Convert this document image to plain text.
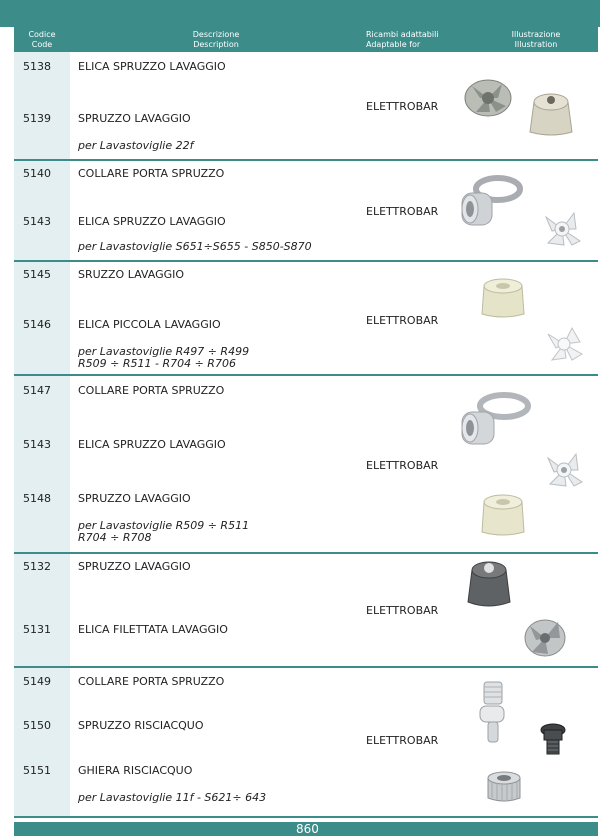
Codice
Code
Descrizione
Description
Ricambi adattabili
Adaptable for
Illustrazione
Illustration
5138 ELICA SPRUZZO LAVAGGIO
5139 SPRUZZO LAVAGGIO
per Lavastoviglie 22f
ELETTROBAR
5140 COLLARE PORTA SPRUZZO
5143 ELICA SPRUZZO LAVAGGIO
per Lavastoviglie S651÷S655 - S850-S870
ELETTROBAR
5145 SRUZZO LAVAGGIO
5146 ELICA PICCOLA LAVAGGIO
per Lavastoviglie R497 ÷ R499
R509 ÷ R511 - R704 ÷ R706
ELETTROBAR
5147 COLLARE PORTA SPRUZZO
5143 ELICA SPRUZZO LAVAGGIO
5148 SPRUZZO LAVAGGIO
per Lavastoviglie R509 ÷ R511
R704 ÷ R708
ELETTROBAR
5132 SPRUZZO LAVAGGIO
5131 ELICA FILETTATA LAVAGGIO
ELETTROBAR
5149 COLLARE PORTA SPRUZZO
5150 SPRUZZO RISCIACQUO
5151 GHIERA RISCIACQUO
per Lavastoviglie 11f - S621÷ 643
ELETTROBAR
860
